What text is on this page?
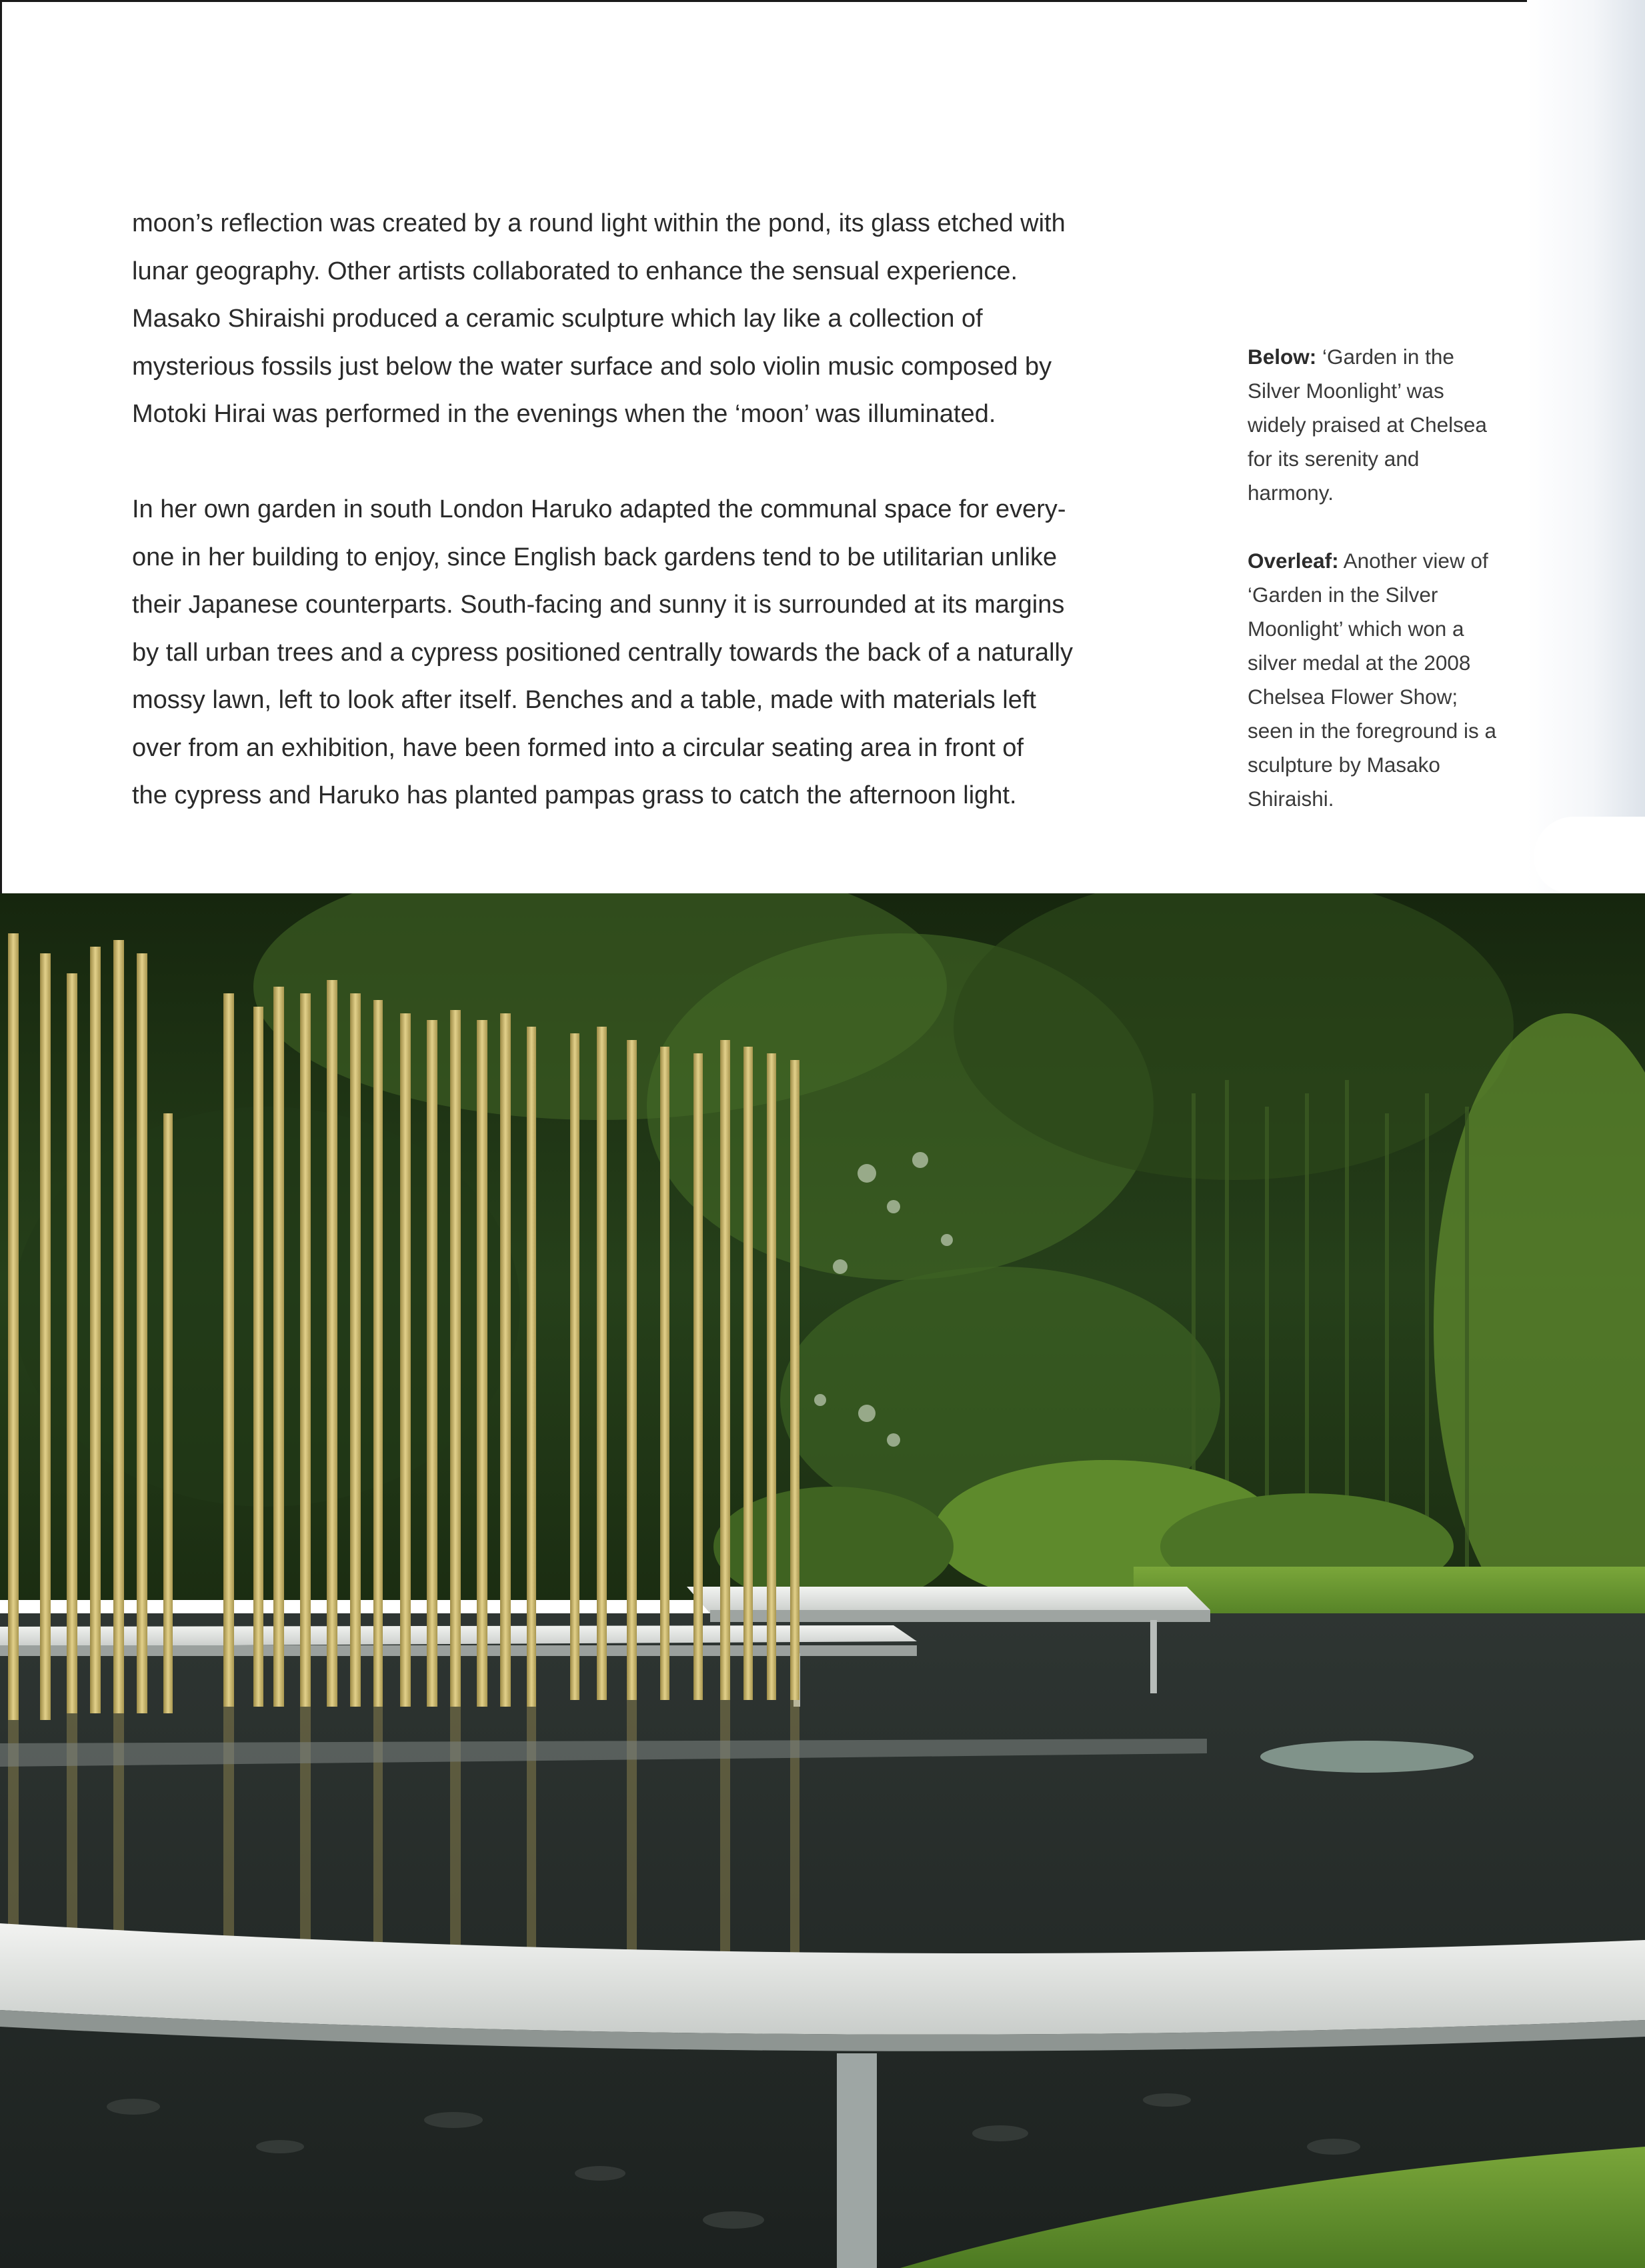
moon’s reflection was created by a round light within the pond, its glass etched with

lunar geography. Other artists collaborated to enhance the sensual experience.

Masako Shiraishi produced a ceramic sculpture which lay like a collection of

mysterious fossils just below the water surface and solo violin music composed by

Motoki Hirai was performed in the evenings when the ‘moon’ was illuminated.

In her own garden in south London Haruko adapted the communal space for every-

one in her building to enjoy, since English back gardens tend to be utilitarian unlike

their Japanese counterparts. South-facing and sunny it is surrounded at its margins

by tall urban trees and a cypress positioned centrally towards the back of a naturally

mossy lawn, left to look after itself. Benches and a table, made with materials left

over from an exhibition, have been formed into a circular seating area in front of

the cypress and Haruko has planted pampas grass to catch the afternoon light.

Below: ‘Garden in the

Silver Moonlight’ was

widely praised at Chelsea

for its serenity and

harmony.

Overleaf: Another view of

‘Garden in the Silver

Moonlight’ which won a

silver medal at the 2008

Chelsea Flower Show;

seen in the foreground is a

sculpture by Masako

Shiraishi.
